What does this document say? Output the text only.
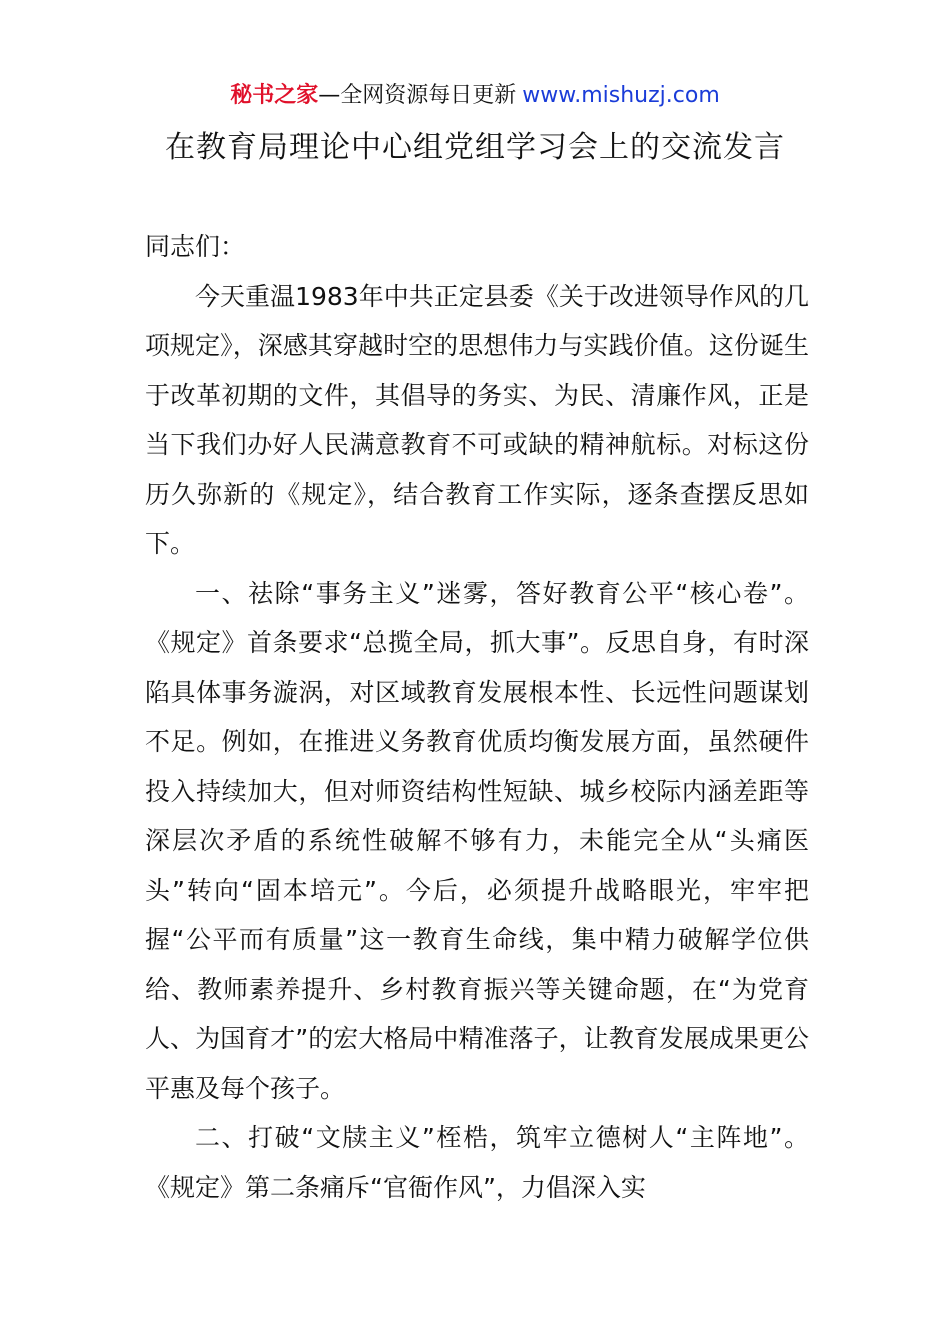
秘书之家—全网资源每日更新 www.mishuzj.com
在教育局理论中心组党组学习会上的交流发言

同志们：

今天重温1983年中共正定县委《关于改进领导作风的几项规定》，深感其穿越时空的思想伟力与实践价值。这份诞生于改革初期的文件，其倡导的务实、为民、清廉作风，正是当下我们办好人民满意教育不可或缺的精神航标。对标这份历久弥新的《规定》，结合教育工作实际，逐条查摆反思如下。

一、祛除“事务主义”迷雾，答好教育公平“核心卷”。《规定》首条要求“总揽全局，抓大事”。反思自身，有时深陷具体事务漩涡，对区域教育发展根本性、长远性问题谋划不足。例如，在推进义务教育优质均衡发展方面，虽然硬件投入持续加大，但对师资结构性短缺、城乡校际内涵差距等深层次矛盾的系统性破解不够有力，未能完全从“头痛医头”转向“固本培元”。今后，必须提升战略眼光，牢牢把握“公平而有质量”这一教育生命线，集中精力破解学位供给、教师素养提升、乡村教育振兴等关键命题，在“为党育人、为国育才”的宏大格局中精准落子，让教育发展成果更公平惠及每个孩子。

二、打破“文牍主义”桎梏，筑牢立德树人“主阵地”。《规定》第二条痛斥“官衙作风”，力倡深入实
